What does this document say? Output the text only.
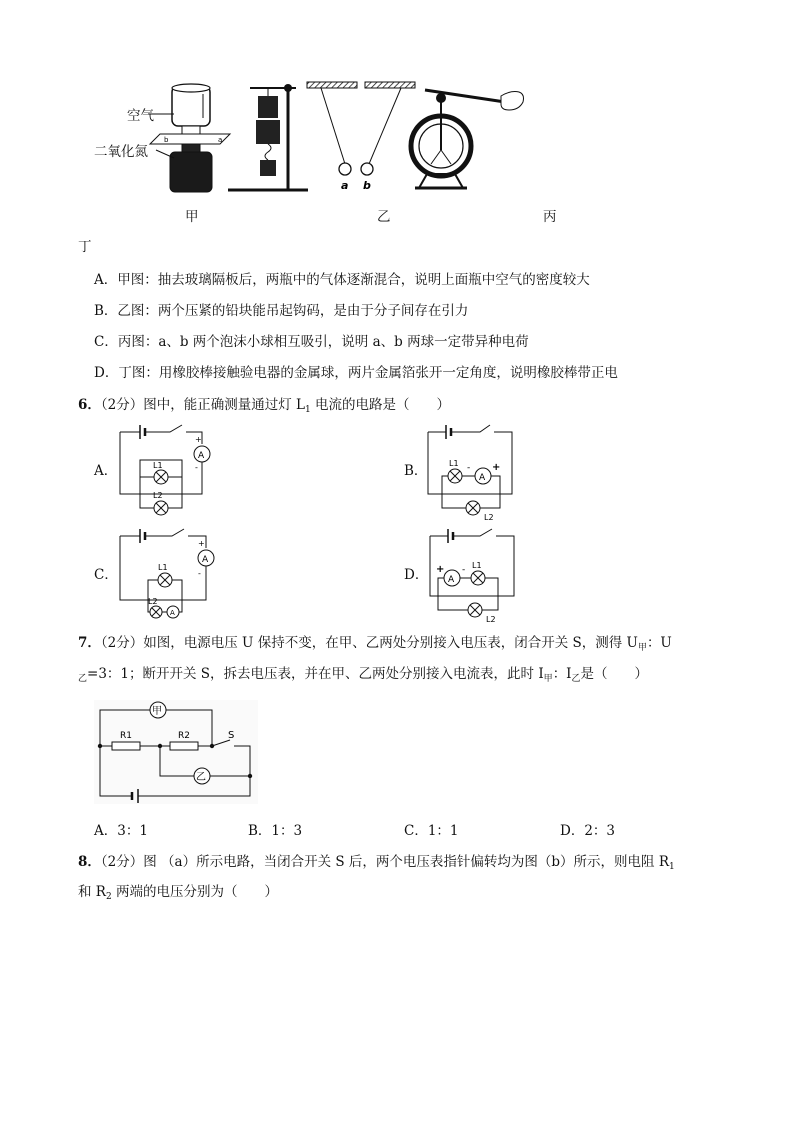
b	a
空气
二氧化氮
a b
甲	乙	丙
丁
A．甲图：抽去玻璃隔板后，两瓶中的气体逐渐混合，说明上面瓶中空气的密度较大
B．乙图：两个压紧的铅块能吊起钩码，是由于分子间存在引力
C．丙图：a、b 两个泡沫小球相互吸引，说明 a、b 两球一定带异种电荷
D．丁图：用橡胶棒接触验电器的金属球，两片金属箔张开一定角度，说明橡胶棒带正电
6．（2分）图中，能正确测量通过灯 $L_1$ 电流的电路是（　　）
A．	B．
C．	D．
A
+
-
L1
L2
A
- +
L1
L2
A
+
-
L1
A
L2
A
+ - L1
L2
7．（2分）如图，电源电压 U 保持不变，在甲、乙两处分别接入电压表，闭合开关 S，测得 $U_甲$：U
$_乙$=3：1；断开开关 S，拆去电压表，并在甲、乙两处分别接入电流表，此时 $I_甲$：$I_乙$是（　　）
甲
R1	R2	S
乙
A．3：1	B．1：3	C．1：1	D．2：3
8．（2分）图 （a）所示电路，当闭合开关 S 后，两个电压表指针偏转均为图（b）所示，则电阻 $R_1$
和 $R_2$ 两端的电压分别为（　　）
